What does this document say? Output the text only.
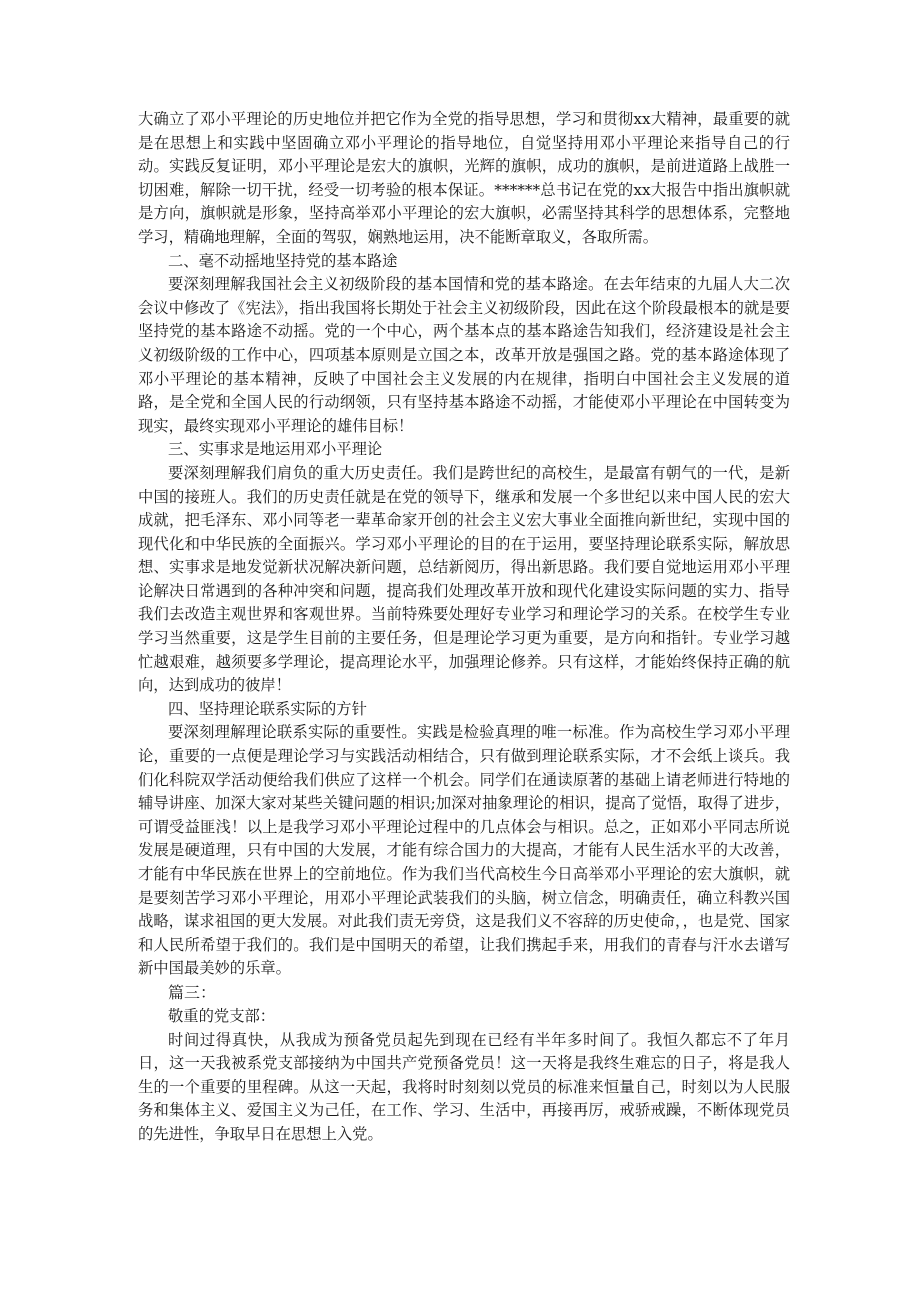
大确立了邓小平理论的历史地位并把它作为全党的指导思想，学习和贯彻xx大精神，最重要的就是在思想上和实践中坚固确立邓小平理论的指导地位，自觉坚持用邓小平理论来指导自己的行动。实践反复证明，邓小平理论是宏大的旗帜，光辉的旗帜，成功的旗帜，是前进道路上战胜一切困难，解除一切干扰，经受一切考验的根本保证。******总书记在党的xx大报告中指出旗帜就是方向，旗帜就是形象，坚持高举邓小平理论的宏大旗帜，必需坚持其科学的思想体系，完整地学习，精确地理解，全面的驾驭，娴熟地运用，决不能断章取义，各取所需。

二、毫不动摇地坚持党的基本路途

要深刻理解我国社会主义初级阶段的基本国情和党的基本路途。在去年结束的九届人大二次会议中修改了《宪法》，指出我国将长期处于社会主义初级阶段，因此在这个阶段最根本的就是要坚持党的基本路途不动摇。党的一个中心，两个基本点的基本路途告知我们，经济建设是社会主义初级阶级的工作中心，四项基本原则是立国之本，改革开放是强国之路。党的基本路途体现了邓小平理论的基本精神，反映了中国社会主义发展的内在规律，指明白中国社会主义发展的道路，是全党和全国人民的行动纲领，只有坚持基本路途不动摇，才能使邓小平理论在中国转变为现实，最终实现邓小平理论的雄伟目标！

三、实事求是地运用邓小平理论

要深刻理解我们肩负的重大历史责任。我们是跨世纪的高校生，是最富有朝气的一代，是新中国的接班人。我们的历史责任就是在党的领导下，继承和发展一个多世纪以来中国人民的宏大成就，把毛泽东、邓小同等老一辈革命家开创的社会主义宏大事业全面推向新世纪，实现中国的现代化和中华民族的全面振兴。学习邓小平理论的目的在于运用，要坚持理论联系实际，解放思想、实事求是地发觉新状况解决新问题，总结新阅历，得出新思路。我们要自觉地运用邓小平理论解决日常遇到的各种冲突和问题，提高我们处理改革开放和现代化建设实际问题的实力、指导我们去改造主观世界和客观世界。当前特殊要处理好专业学习和理论学习的关系。在校学生专业学习当然重要，这是学生目前的主要任务，但是理论学习更为重要，是方向和指针。专业学习越忙越艰难，越须要多学理论，提高理论水平，加强理论修养。只有这样，才能始终保持正确的航向，达到成功的彼岸！

四、坚持理论联系实际的方针

要深刻理解理论联系实际的重要性。实践是检验真理的唯一标准。作为高校生学习邓小平理论，重要的一点便是理论学习与实践活动相结合，只有做到理论联系实际，才不会纸上谈兵。我们化科院双学活动便给我们供应了这样一个机会。同学们在通读原著的基础上请老师进行特地的辅导讲座、加深大家对某些关键问题的相识;加深对抽象理论的相识，提高了觉悟，取得了进步，可谓受益匪浅！以上是我学习邓小平理论过程中的几点体会与相识。总之，正如邓小平同志所说发展是硬道理，只有中国的大发展，才能有综合国力的大提高，才能有人民生活水平的大改善，才能有中华民族在世界上的空前地位。作为我们当代高校生今日高举邓小平理论的宏大旗帜，就是要刻苦学习邓小平理论，用邓小平理论武装我们的头脑，树立信念，明确责任，确立科教兴国战略，谋求祖国的更大发展。对此我们责无旁贷，这是我们义不容辞的历史使命，，也是党、国家和人民所希望于我们的。我们是中国明天的希望，让我们携起手来，用我们的青春与汗水去谱写新中国最美妙的乐章。

篇三：

敬重的党支部：

时间过得真快，从我成为预备党员起先到现在已经有半年多时间了。我恒久都忘不了年月日，这一天我被系党支部接纳为中国共产党预备党员！这一天将是我终生难忘的日子，将是我人生的一个重要的里程碑。从这一天起，我将时时刻刻以党员的标准来恒量自己，时刻以为人民服务和集体主义、爱国主义为己任，在工作、学习、生活中，再接再厉，戒骄戒躁，不断体现党员的先进性，争取早日在思想上入党。
